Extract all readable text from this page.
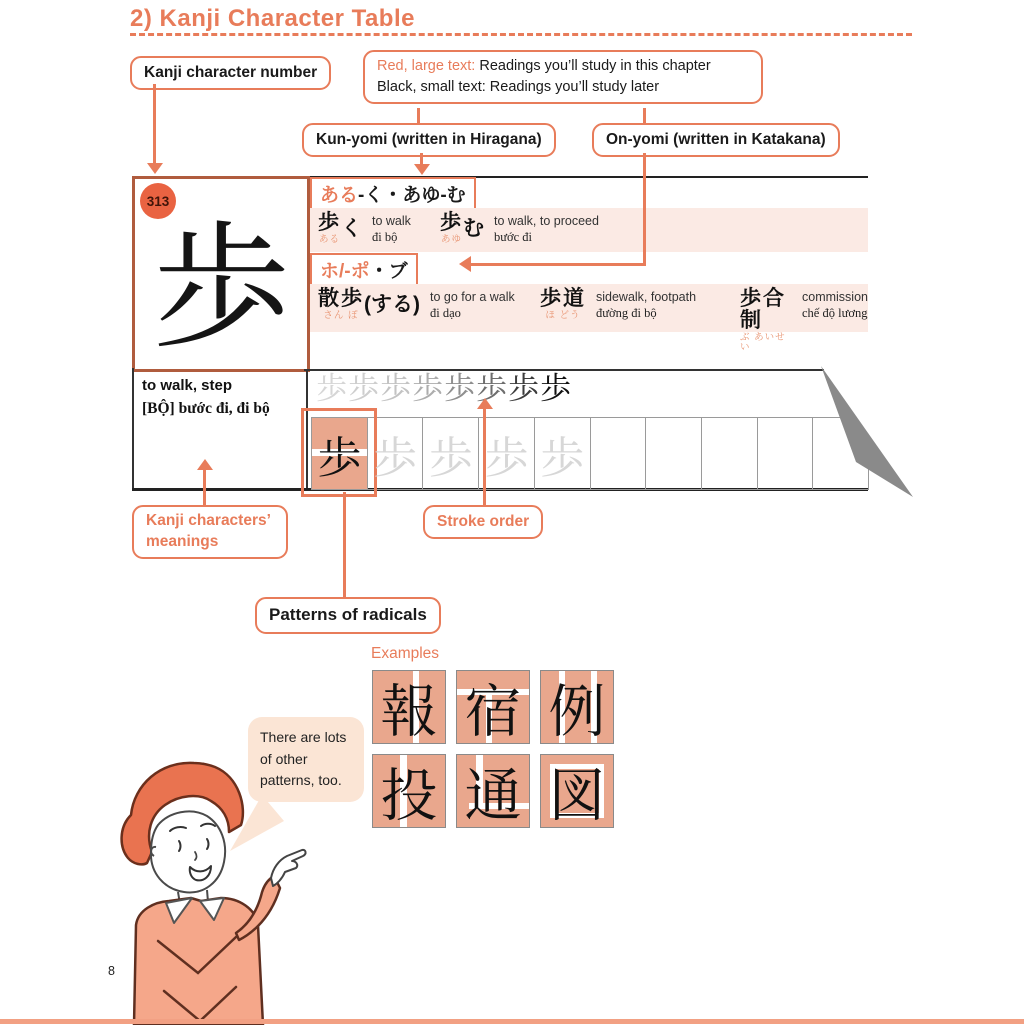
2) Kanji Character Table
Kanji character number	Red, large text: Readings you’ll study in this chapter
Black, small text: Readings you’ll study later
Kun-yomi (written in Hiragana)	On-yomi (written in Katakana)
313
歩
ある-く・あゆ-む
歩
ある く to walk
đi bộ
歩
あゆ む to walk, to proceed
bước đi
ホ/-ポ・ブ
散歩
さん ぽ (する) to go for a walk
đi dạo
歩道
ほ どう
sidewalk, footpath
đường đi bộ
歩合制
ぶ あいせい
commission
chế độ lương
to walk, step
[BỘ] bước đi, đi bộ
歩 歩 歩 歩 歩 歩 歩 歩
歩 歩 歩 歩 歩
Kanji characters’ meanings
Stroke order
Patterns of radicals
Examples
報 宿 例
投 通 図
There are lots of other patterns, too.
8
